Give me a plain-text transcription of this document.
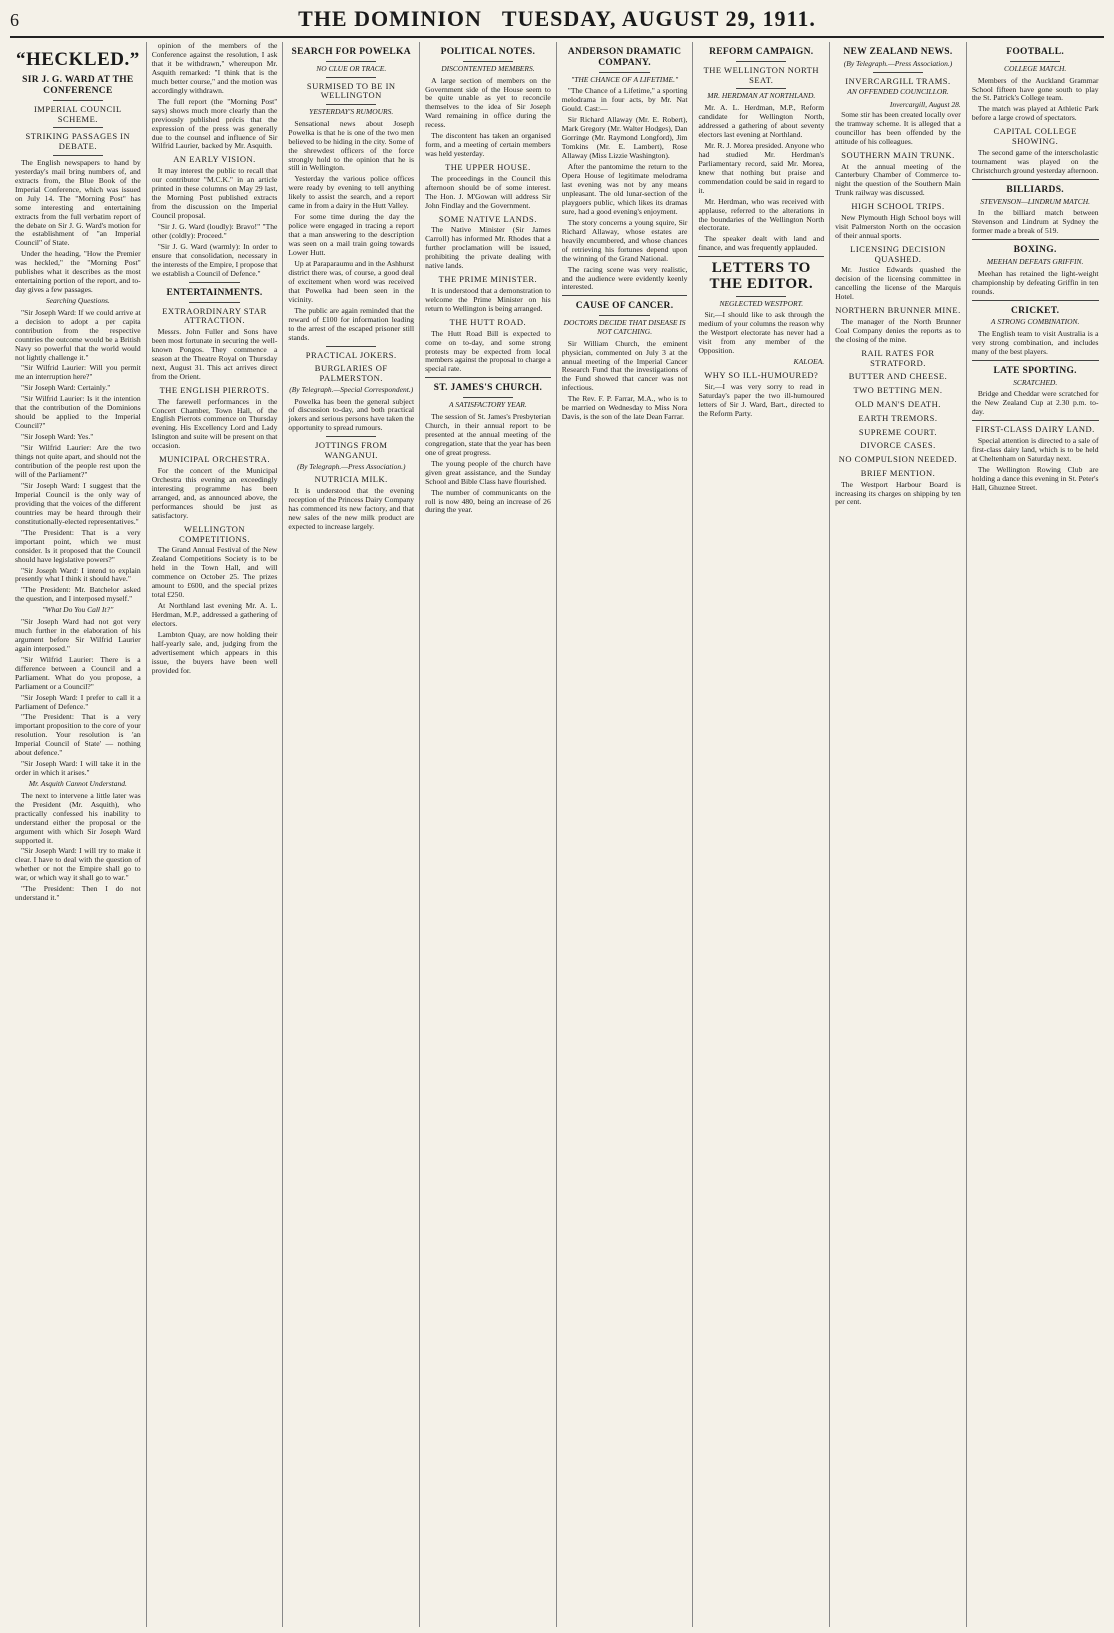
6	THE DOMINION TUESDAY, AUGUST 29, 1911.
“HECKLED.”
SIR J. G. WARD AT THE CONFERENCE
IMPERIAL COUNCIL SCHEME.
STRIKING PASSAGES IN DEBATE.

The English newspapers to hand by yesterday's mail bring numbers of, and extracts from, the Blue Book of the Imperial Conference, which was issued on July 14. The "Morning Post" has some interesting and entertaining extracts from the full verbatim report of the debate on Sir J. G. Ward's motion for the establishment of "an Imperial Council" of State.

Under the heading, "How the Premier was heckled," the "Morning Post" publishes what it describes as the most entertaining portion of the report, and to-day gives a few passages.

Searching Questions.

"Sir Joseph Ward: If we could arrive at a decision to adopt a per capita contribution from the respective countries the outcome would be a British Navy so powerful that the world would not lightly challenge it."

"Sir Wilfrid Laurier: Will you permit me an interruption here?"

"Sir Joseph Ward: Certainly."

"Sir Wilfrid Laurier: Is it the intention that the contribution of the Dominions should be applied to the Imperial Council?"

"Sir Joseph Ward: Yes."

"Sir Wilfrid Laurier: Are the two things not quite apart, and should not the contribution of the people rest upon the will of the Parliament?"

"Sir Joseph Ward: I suggest that the Imperial Council is the only way of providing that the voices of the different countries may be heard through their constitutionally-elected representatives."

"The President: That is a very important point, which we must consider. Is it proposed that the Council should have legislative powers?"

"Sir Joseph Ward: I intend to explain presently what I think it should have."

"The President: Mr. Batchelor asked the question, and I interposed myself."

"What Do You Call It?"

"Sir Joseph Ward had not got very much further in the elaboration of his argument before Sir Wilfrid Laurier again interposed."

"Sir Wilfrid Laurier: There is a difference between a Council and a Parliament. What do you propose, a Parliament or a Council?"

"Sir Joseph Ward: I prefer to call it a Parliament of Defence."

"The President: That is a very important proposition to the core of your resolution. Your resolution is 'an Imperial Council of State' — nothing about defence."

"Sir Joseph Ward: I will take it in the order in which it arises."

Mr. Asquith Cannot Understand.

The next to intervene a little later was the President (Mr. Asquith), who practically confessed his inability to understand either the proposal or the argument with which Sir Joseph Ward supported it.

"Sir Joseph Ward: I will try to make it clear. I have to deal with the question of whether or not the Empire shall go to war, or which way it shall go to war."

"The President: Then I do not understand it."

opinion of the members of the Conference against the resolution, I ask that it be withdrawn," whereupon Mr. Asquith remarked: "I think that is the much better course," and the motion was accordingly withdrawn.

The full report (the "Morning Post" says) shows much more clearly than the previously published précis that the expression of the press was generally due to the counsel and influence of Sir Wilfrid Laurier, backed by Mr. Asquith.

AN EARLY VISION.

It may interest the public to recall that our contributor "M.C.K." in an article printed in these columns on May 29 last, the Morning Post published extracts from the discussion on the Imperial Council proposal.

"Sir J. G. Ward (loudly): Bravo!" "The other (coldly): Proceed."

"Sir J. G. Ward (warmly): In order to ensure that consolidation, necessary in the interests of the Empire, I propose that we establish a Council of Defence."

ENTERTAINMENTS.
EXTRAORDINARY STAR ATTRACTION.

Messrs. John Fuller and Sons have been most fortunate in securing the well-known Pongos. They commence a season at the Theatre Royal on Thursday next, August 31. This act arrives direct from the Orient.

THE ENGLISH PIERROTS.

The farewell performances in the Concert Chamber, Town Hall, of the English Pierrots commence on Thursday evening. His Excellency Lord and Lady Islington and suite will be present on that occasion.

MUNICIPAL ORCHESTRA.

For the concert of the Municipal Orchestra this evening an exceedingly interesting programme has been arranged, and, as announced above, the performances should be just as satisfactory.

WELLINGTON COMPETITIONS.

The Grand Annual Festival of the New Zealand Competitions Society is to be held in the Town Hall, and will commence on October 25. The prizes amount to £600, and the special prizes total £250.

At Northland last evening Mr. A. L. Herdman, M.P., addressed a gathering of electors.

Lambton Quay, are now holding their half-yearly sale, and, judging from the advertisement which appears in this issue, the buyers have been well provided for.

SEARCH FOR POWELKA
NO CLUE OR TRACE.
SURMISED TO BE IN WELLINGTON
YESTERDAY'S RUMOURS.

Sensational news about Joseph Powelka is that he is one of the two men believed to be hiding in the city. Some of the shrewdest officers of the force strongly hold to the opinion that he is still in Wellington.

Yesterday the various police offices were ready by evening to tell anything likely to assist the search, and a report came in from a dairy in the Hutt Valley.

For some time during the day the police were engaged in tracing a report that a man answering to the description was seen on a mail train going towards Lower Hutt.

Up at Paraparaumu and in the Ashhurst district there was, of course, a good deal of excitement when word was received that Powelka had been seen in the vicinity.

The public are again reminded that the reward of £100 for information leading to the arrest of the escaped prisoner still stands.

PRACTICAL JOKERS.
BURGLARIES OF PALMERSTON.
(By Telegraph.—Special Correspondent.)

Powelka has been the general subject of discussion to-day, and both practical jokers and serious persons have taken the opportunity to spread rumours.

JOTTINGS FROM WANGANUI.
(By Telegraph.—Press Association.)
NUTRICIA MILK.

It is understood that the evening reception of the Princess Dairy Company has commenced its new factory, and that new sales of the new milk product are expected to increase largely.

POLITICAL NOTES.
DISCONTENTED MEMBERS.

A large section of members on the Government side of the House seem to be quite unable as yet to reconcile themselves to the idea of Sir Joseph Ward remaining in office during the recess.

The discontent has taken an organised form, and a meeting of certain members was held yesterday.

THE UPPER HOUSE.

The proceedings in the Council this afternoon should be of some interest. The Hon. J. M'Gowan will address Sir John Findlay and the Government.

SOME NATIVE LANDS.

The Native Minister (Sir James Carroll) has informed Mr. Rhodes that a further proclamation will be issued, prohibiting the private dealing with native lands.

THE PRIME MINISTER.

It is understood that a demonstration to welcome the Prime Minister on his return to Wellington is being arranged.

THE HUTT ROAD.

The Hutt Road Bill is expected to come on to-day, and some strong protests may be expected from local members against the proposal to charge a special rate.

ST. JAMES'S CHURCH.
A SATISFACTORY YEAR.

The session of St. James's Presbyterian Church, in their annual report to be presented at the annual meeting of the congregation, state that the year has been one of great progress.

The young people of the church have given great assistance, and the Sunday School and Bible Class have flourished.

The number of communicants on the roll is now 480, being an increase of 26 during the year.

ANDERSON DRAMATIC COMPANY.
"THE CHANCE OF A LIFETIME."

"The Chance of a Lifetime," a sporting melodrama in four acts, by Mr. Nat Gould. Cast:—

Sir Richard Allaway (Mr. E. Robert), Mark Gregory (Mr. Walter Hodges), Dan Gorringe (Mr. Raymond Longford), Jim Tomkins (Mr. E. Lambert), Rose Allaway (Miss Lizzie Washington).

After the pantomime the return to the Opera House of legitimate melodrama last evening was not by any means unpleasant. The old lunar-section of the playgoers public, which likes its dramas sure, had a good evening's enjoyment.

The story concerns a young squire, Sir Richard Allaway, whose estates are heavily encumbered, and whose chances of retrieving his fortunes depend upon the winning of the Grand National.

The racing scene was very realistic, and the audience were evidently keenly interested.

CAUSE OF CANCER.
DOCTORS DECIDE THAT DISEASE IS NOT CATCHING.

Sir William Church, the eminent physician, commented on July 3 at the annual meeting of the Imperial Cancer Research Fund that the investigations of the Fund showed that cancer was not infectious.

The Rev. F. P. Farrar, M.A., who is to be married on Wednesday to Miss Nora Davis, is the son of the late Dean Farrar.

REFORM CAMPAIGN.
THE WELLINGTON NORTH SEAT.
MR. HERDMAN AT NORTHLAND.

Mr. A. L. Herdman, M.P., Reform candidate for Wellington North, addressed a gathering of about seventy electors last evening at Northland.

Mr. R. J. Morea presided. Anyone who had studied Mr. Herdman's Parliamentary record, said Mr. Morea, knew that nothing but praise and commendation could be said in regard to it.

Mr. Herdman, who was received with applause, referred to the alterations in the boundaries of the Wellington North electorate.

The speaker dealt with land and finance, and was frequently applauded.

LETTERS TO THE EDITOR.
NEGLECTED WESTPORT.

Sir,—I should like to ask through the medium of your columns the reason why the Westport electorate has never had a visit from any member of the Opposition.

KALOEA.

WHY SO ILL-HUMOURED?

Sir,—I was very sorry to read in Saturday's paper the two ill-humoured letters of Sir J. Ward, Bart., directed to the Reform Party.

NEW ZEALAND NEWS.
(By Telegraph.—Press Association.)
INVERCARGILL TRAMS.
AN OFFENDED COUNCILLOR.
Invercargill, August 28.

Some stir has been created locally over the tramway scheme. It is alleged that a councillor has been offended by the attitude of his colleagues.

SOUTHERN MAIN TRUNK.

At the annual meeting of the Canterbury Chamber of Commerce to-night the question of the Southern Main Trunk railway was discussed.

HIGH SCHOOL TRIPS.

New Plymouth High School boys will visit Palmerston North on the occasion of their annual sports.

LICENSING DECISION QUASHED.

Mr. Justice Edwards quashed the decision of the licensing committee in cancelling the license of the Marquis Hotel.

NORTHERN BRUNNER MINE.

The manager of the North Brunner Coal Company denies the reports as to the closing of the mine.

RAIL RATES FOR STRATFORD.
BUTTER AND CHEESE.
TWO BETTING MEN.
OLD MAN'S DEATH.
EARTH TREMORS.
SUPREME COURT.
DIVORCE CASES.
NO COMPULSION NEEDED.
BRIEF MENTION.

The Westport Harbour Board is increasing its charges on shipping by ten per cent.

FOOTBALL.
COLLEGE MATCH.

Members of the Auckland Grammar School fifteen have gone south to play the St. Patrick's College team.

The match was played at Athletic Park before a large crowd of spectators.

CAPITAL COLLEGE SHOWING.

The second game of the interscholastic tournament was played on the Christchurch ground yesterday afternoon.

BILLIARDS.
STEVENSON—LINDRUM MATCH.

In the billiard match between Stevenson and Lindrum at Sydney the former made a break of 519.

BOXING.
MEEHAN DEFEATS GRIFFIN.

Meehan has retained the light-weight championship by defeating Griffin in ten rounds.

CRICKET.
A STRONG COMBINATION.

The English team to visit Australia is a very strong combination, and includes many of the best players.

LATE SPORTING.
SCRATCHED.

Bridge and Cheddar were scratched for the New Zealand Cup at 2.30 p.m. to-day.

FIRST-CLASS DAIRY LAND.

Special attention is directed to a sale of first-class dairy land, which is to be held at Cheltenham on Saturday next.

The Wellington Rowing Club are holding a dance this evening in St. Peter's Hall, Ghuznee Street.
